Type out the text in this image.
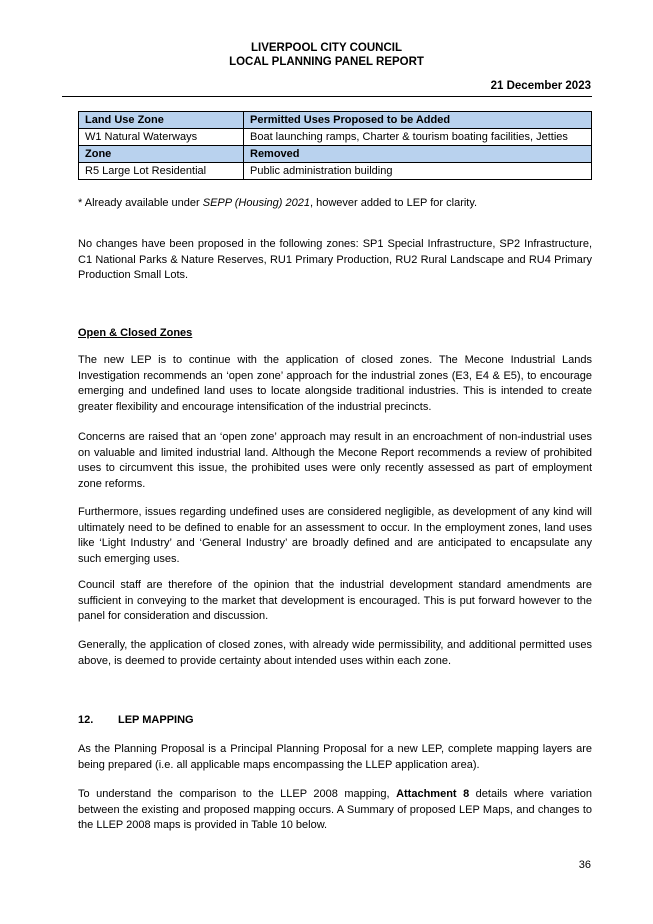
LIVERPOOL CITY COUNCIL
LOCAL PLANNING PANEL REPORT
21 December 2023
Land Use Zone	Permitted Uses Proposed to be Added
W1 Natural Waterways	Boat launching ramps, Charter & tourism boating facilities, Jetties
Zone	Removed
R5 Large Lot Residential	Public administration building
* Already available under SEPP (Housing) 2021, however added to LEP for clarity.

No changes have been proposed in the following zones: SP1 Special Infrastructure, SP2 Infrastructure, C1 National Parks & Nature Reserves, RU1 Primary Production, RU2 Rural Landscape and RU4 Primary Production Small Lots.

Open & Closed Zones

The new LEP is to continue with the application of closed zones. The Mecone Industrial Lands Investigation recommends an ‘open zone’ approach for the industrial zones (E3, E4 & E5), to encourage emerging and undefined land uses to locate alongside traditional industries. This is intended to create greater flexibility and encourage intensification of the industrial precincts.

Concerns are raised that an ‘open zone’ approach may result in an encroachment of non-industrial uses on valuable and limited industrial land. Although the Mecone Report recommends a review of prohibited uses to circumvent this issue, the prohibited uses were only recently assessed as part of employment zone reforms.

Furthermore, issues regarding undefined uses are considered negligible, as development of any kind will ultimately need to be defined to enable for an assessment to occur. In the employment zones, land uses like ‘Light Industry’ and ‘General Industry’ are broadly defined and are anticipated to encapsulate any such emerging uses.

Council staff are therefore of the opinion that the industrial development standard amendments are sufficient in conveying to the market that development is encouraged. This is put forward however to the panel for consideration and discussion.

Generally, the application of closed zones, with already wide permissibility, and additional permitted uses above, is deemed to provide certainty about intended uses within each zone.

12. LEP MAPPING

As the Planning Proposal is a Principal Planning Proposal for a new LEP, complete mapping layers are being prepared (i.e. all applicable maps encompassing the LLEP application area).

To understand the comparison to the LLEP 2008 mapping, Attachment 8 details where variation between the existing and proposed mapping occurs. A Summary of proposed LEP Maps, and changes to the LLEP 2008 maps is provided in Table 10 below.

36
